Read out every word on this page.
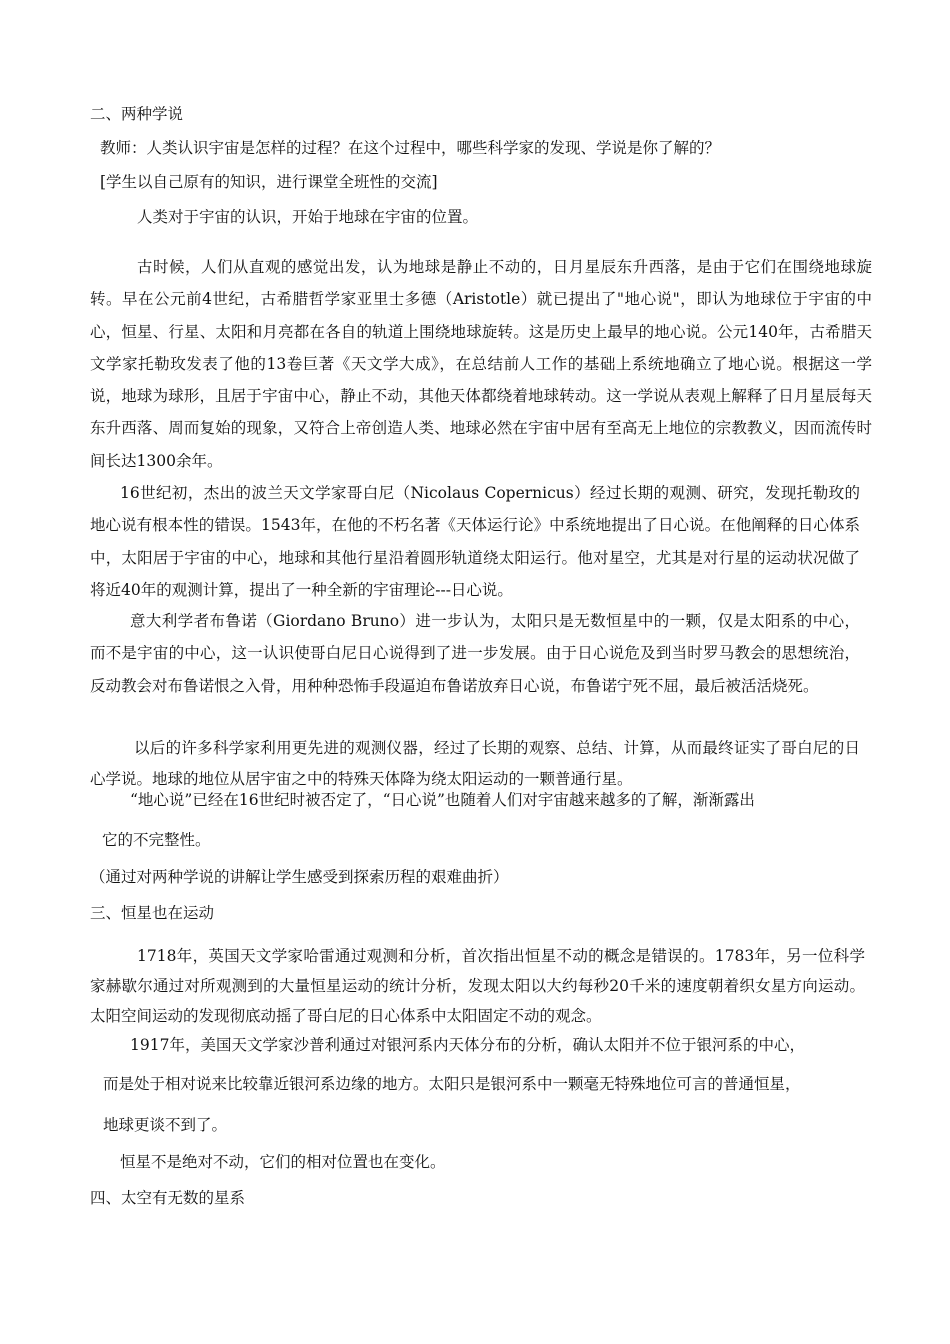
二、两种学说

教师：人类认识宇宙是怎样的过程？在这个过程中，哪些科学家的发现、学说是你了解的？

[学生以自己原有的知识，进行课堂全班性的交流]

人类对于宇宙的认识，开始于地球在宇宙的位置。

古时候，人们从直观的感觉出发，认为地球是静止不动的，日月星辰东升西落，是由于它们在围绕地球旋转。早在公元前4世纪，古希腊哲学家亚里士多德（Aristotle）就已提出了"地心说"，即认为地球位于宇宙的中心，恒星、行星、太阳和月亮都在各自的轨道上围绕地球旋转。这是历史上最早的地心说。公元140年，古希腊天文学家托勒玫发表了他的13卷巨著《天文学大成》，在总结前人工作的基础上系统地确立了地心说。根据这一学说，地球为球形，且居于宇宙中心，静止不动，其他天体都绕着地球转动。这一学说从表观上解释了日月星辰每天东升西落、周而复始的现象，又符合上帝创造人类、地球必然在宇宙中居有至高无上地位的宗教教义，因而流传时间长达1300余年。

16世纪初，杰出的波兰天文学家哥白尼（Nicolaus Copernicus）经过长期的观测、研究，发现托勒玫的地心说有根本性的错误。1543年，在他的不朽名著《天体运行论》中系统地提出了日心说。在他阐释的日心体系中，太阳居于宇宙的中心，地球和其他行星沿着圆形轨道绕太阳运行。他对星空，尤其是对行星的运动状况做了将近40年的观测计算，提出了一种全新的宇宙理论---日心说。

意大利学者布鲁诺（Giordano Bruno）进一步认为，太阳只是无数恒星中的一颗，仅是太阳系的中心，而不是宇宙的中心，这一认识使哥白尼日心说得到了进一步发展。由于日心说危及到当时罗马教会的思想统治，反动教会对布鲁诺恨之入骨，用种种恐怖手段逼迫布鲁诺放弃日心说，布鲁诺宁死不屈，最后被活活烧死。

以后的许多科学家利用更先进的观测仪器，经过了长期的观察、总结、计算，从而最终证实了哥白尼的日心学说。地球的地位从居宇宙之中的特殊天体降为绕太阳运动的一颗普通行星。

“地心说”已经在16世纪时被否定了，“日心说”也随着人们对宇宙越来越多的了解，渐渐露出

它的不完整性。

（通过对两种学说的讲解让学生感受到探索历程的艰难曲折）

三、恒星也在运动

1718年，英国天文学家哈雷通过观测和分析，首次指出恒星不动的概念是错误的。1783年，另一位科学家赫歇尔通过对所观测到的大量恒星运动的统计分析，发现太阳以大约每秒20千米的速度朝着织女星方向运动。太阳空间运动的发现彻底动摇了哥白尼的日心体系中太阳固定不动的观念。

1917年，美国天文学家沙普利通过对银河系内天体分布的分析，确认太阳并不位于银河系的中心，

而是处于相对说来比较靠近银河系边缘的地方。太阳只是银河系中一颗毫无特殊地位可言的普通恒星，

地球更谈不到了。

恒星不是绝对不动，它们的相对位置也在变化。

四、太空有无数的星系
